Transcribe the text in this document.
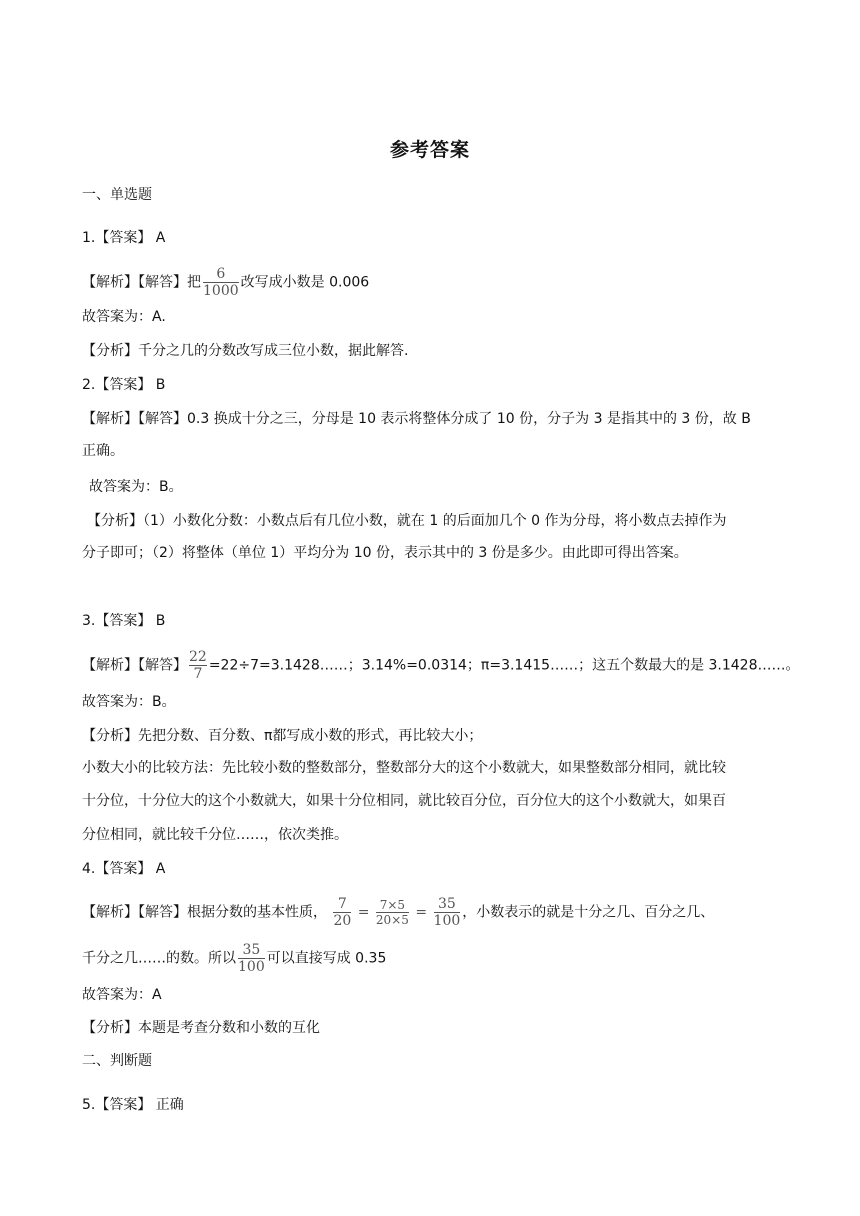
参考答案
一、单选题
1.【答案】 A
【解析】【解答】把 $\frac{6}{1000}$ 改写成小数是 0.006
故答案为：A.
【分析】千分之几的分数改写成三位小数，据此解答.
2.【答案】 B
【解析】【解答】0.3 换成十分之三，分母是 10 表示将整体分成了 10 份，分子为 3 是指其中的 3 份，故 B
正确。
故答案为：B。
【分析】（1）小数化分数：小数点后有几位小数，就在 1 的后面加几个 0 作为分母，将小数点去掉作为
分子即可；（2）将整体（单位 1）平均分为 10 份，表示其中的 3 份是多少。由此即可得出答案。
3.【答案】 B
【解析】【解答】 $\frac{22}{7}$ =22÷7=3.1428……；3.14%=0.0314；π=3.1415……；这五个数最大的是 3.1428……。
故答案为：B。
【分析】先把分数、百分数、π都写成小数的形式，再比较大小；
小数大小的比较方法：先比较小数的整数部分，整数部分大的这个小数就大，如果整数部分相同，就比较
十分位，十分位大的这个小数就大，如果十分位相同，就比较百分位，百分位大的这个小数就大，如果百
分位相同，就比较千分位……，依次类推。
4.【答案】 A
【解析】【解答】根据分数的基本性质， $\frac{7}{20} = \frac{7\times 5}{20\times 5} = \frac{35}{100}$ ，小数表示的就是十分之几、百分之几、
千分之几……的数。所以 $\frac{35}{100}$ 可以直接写成 0.35
故答案为：A
【分析】本题是考查分数和小数的互化
二、判断题
5.【答案】 正确
